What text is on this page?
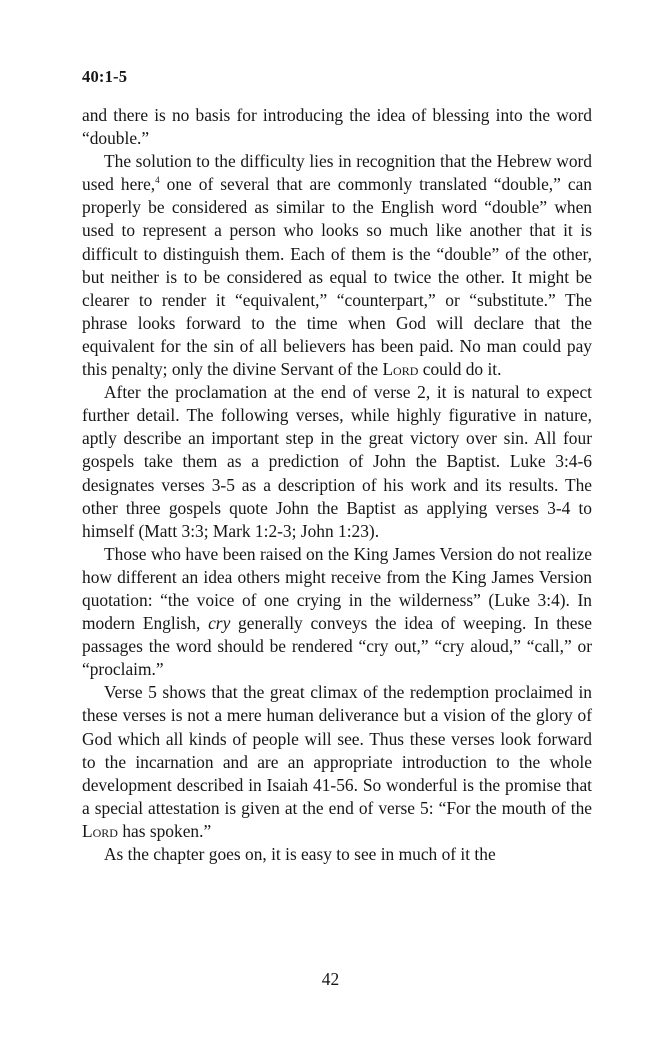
40:1-5

and there is no basis for introducing the idea of blessing into the word “double.”

The solution to the difficulty lies in recognition that the Hebrew word used here,$^4$ one of several that are commonly translated “double,” can properly be considered as similar to the English word “double” when used to represent a person who looks so much like another that it is difficult to distinguish them. Each of them is the “double” of the other, but neither is to be considered as equal to twice the other. It might be clearer to render it “equivalent,” “counterpart,” or “substitute.” The phrase looks forward to the time when God will declare that the equivalent for the sin of all believers has been paid. No man could pay this penalty; only the divine Servant of the Lord could do it.

After the proclamation at the end of verse 2, it is natural to expect further detail. The following verses, while highly figurative in nature, aptly describe an important step in the great victory over sin. All four gospels take them as a prediction of John the Baptist. Luke 3:4-6 designates verses 3-5 as a description of his work and its results. The other three gospels quote John the Baptist as applying verses 3-4 to himself (Matt 3:3; Mark 1:2-3; John 1:23).

Those who have been raised on the King James Version do not realize how different an idea others might receive from the King James Version quotation: “the voice of one crying in the wilderness” (Luke 3:4). In modern English, cry generally conveys the idea of weeping. In these passages the word should be rendered “cry out,” “cry aloud,” “call,” or “proclaim.”

Verse 5 shows that the great climax of the redemption proclaimed in these verses is not a mere human deliverance but a vision of the glory of God which all kinds of people will see. Thus these verses look forward to the incarnation and are an appropriate introduction to the whole development described in Isaiah 41-56. So wonderful is the promise that a special attestation is given at the end of verse 5: “For the mouth of the Lord has spoken.”

As the chapter goes on, it is easy to see in much of it the

42
